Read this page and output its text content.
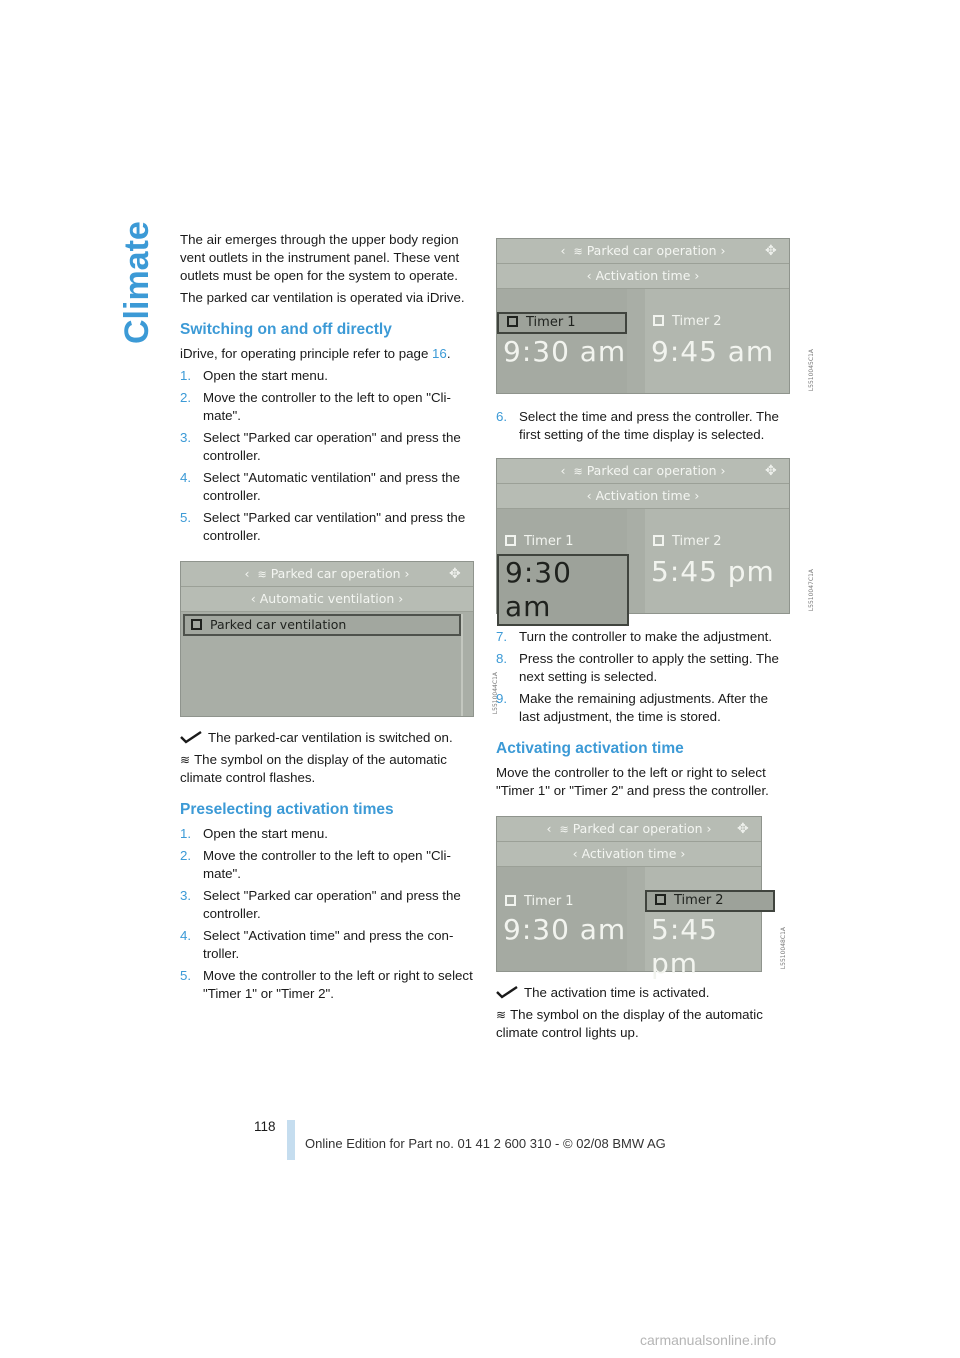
Climate The air emerges through the upper body region vent outlets in the instrument panel. These vent outlets must be open for the system to operate.

The parked car ventilation is operated via iDrive.

Switching on and off directly

iDrive, for operating principle refer to page 16.

1. Open the start menu.
2. Move the controller to the left to open "Cli-mate".
3. Select "Parked car operation" and press the controller.
4. Select "Automatic ventilation" and press the controller.
5. Select "Parked car ventilation" and press the controller.
‹ ≋ Parked car operation ›	✥
‹ Automatic ventilation ›
Parked car ventilation
L5510044C1A

The parked-car ventilation is switched on.

≋ The symbol on the display of the automatic climate control flashes.

Preselecting activation times
1. Open the start menu.
2. Move the controller to the left to open "Cli-mate".
3. Select "Parked car operation" and press the controller.
4. Select "Activation time" and press the con-troller.
5. Move the controller to the left or right to select "Timer 1" or "Timer 2".
‹ ≋ Parked car operation ›	✥
‹ Activation time ›
Timer 1
9:30 am
Timer 2
9:45 am	L5510045C1A
6. Select the time and press the controller. The first setting of the time display is selected.
‹ ≋ Parked car operation ›	✥
‹ Activation time ›
Timer 1
9:30 am
Timer 2
5:45 pm	L5510047C1A
7. Turn the controller to make the adjustment.
8. Press the controller to apply the setting. The next setting is selected.
9. Make the remaining adjustments. After the last adjustment, the time is stored.
Activating activation time

Move the controller to the left or right to select "Timer 1" or "Timer 2" and press the controller.

‹ ≋ Parked car operation ›	✥
‹ Activation time ›
Timer 1
9:30 am
Timer 2
5:45 pm	L5510048C1A

The activation time is activated.

≋ The symbol on the display of the automatic climate control lights up.

118
Online Edition for Part no. 01 41 2 600 310 - © 02/08 BMW AG
carmanualsonline.info
